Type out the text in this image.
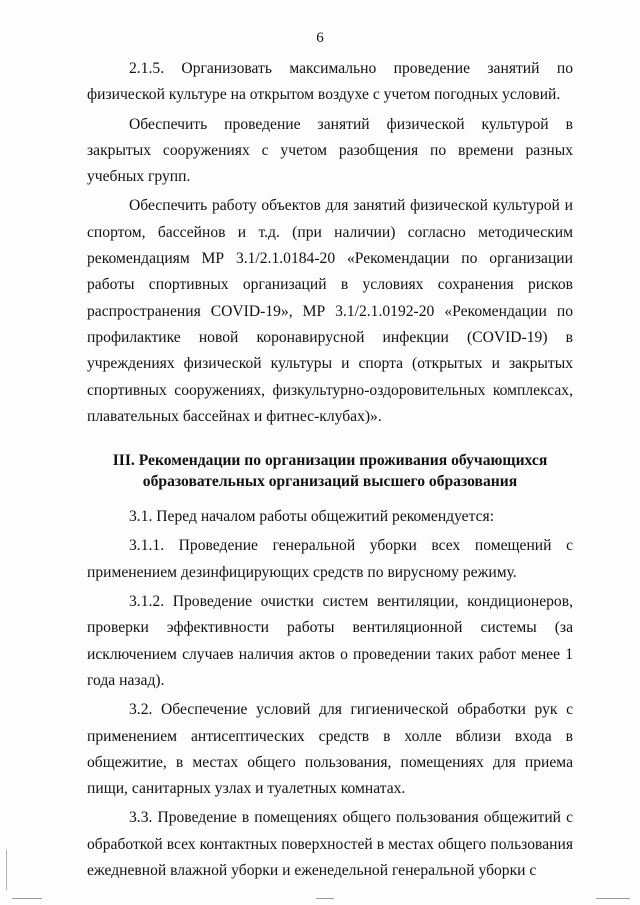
6

2.1.5. Организовать максимально проведение занятий по физической культуре на открытом воздухе с учетом погодных условий.

Обеспечить проведение занятий физической культурой в закрытых сооружениях с учетом разобщения по времени разных учебных групп.

Обеспечить работу объектов для занятий физической культурой и спортом, бассейнов и т.д. (при наличии) согласно методическим рекомендациям МР 3.1/2.1.0184-20 «Рекомендации по организации работы спортивных организаций в условиях сохранения рисков распространения COVID-19», МР 3.1/2.1.0192-20 «Рекомендации по профилактике новой коронавирусной инфекции (COVID-19) в учреждениях физической культуры и спорта (открытых и закрытых спортивных сооружениях, физкультурно-оздоровительных комплексах, плавательных бассейнах и фитнес-клубах)».

III. Рекомендации по организации проживания обучающихся
образовательных организаций высшего образования

3.1. Перед началом работы общежитий рекомендуется:

3.1.1. Проведение генеральной уборки всех помещений с применением дезинфицирующих средств по вирусному режиму.

3.1.2. Проведение очистки систем вентиляции, кондиционеров, проверки эффективности работы вентиляционной системы (за исключением случаев наличия актов о проведении таких работ менее 1 года назад).

3.2. Обеспечение условий для гигиенической обработки рук с применением антисептических средств в холле вблизи входа в общежитие, в местах общего пользования, помещениях для приема пищи, санитарных узлах и туалетных комнатах.

3.3. Проведение в помещениях общего пользования общежитий с обработкой всех контактных поверхностей в местах общего пользования ежедневной влажной уборки и еженедельной генеральной уборки с
